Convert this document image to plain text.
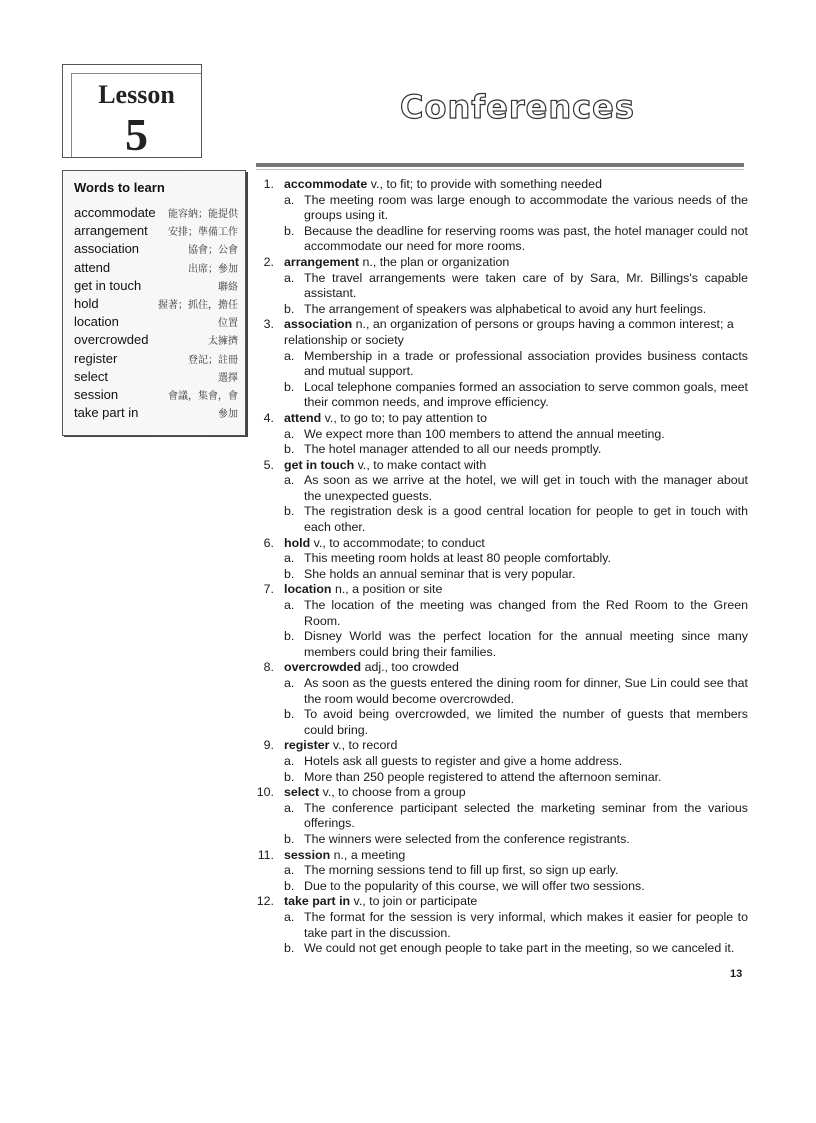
Lesson
5
Conferences
Words to learn
accommodate 能容納；能提供
arrangement 安排；準備工作
association	協會；公會
attend	出席；參加
get in touch	聯絡
hold	握著；抓住，擔任
location	位置
overcrowded	太擁擠
register	登記；註冊
select	選擇
session	會議，集會，會
take part in	參加
1. accommodate v., to fit; to provide with something needed
a. The meeting room was large enough to accommodate the various needs of the groups using it.
b. Because the deadline for reserving rooms was past, the hotel manager could not accommodate our need for more rooms.
2. arrangement n., the plan or organization
a. The travel arrangements were taken care of by Sara, Mr. Billings's capable assistant.
b. The arrangement of speakers was alphabetical to avoid any hurt feelings.
3. association n., an organization of persons or groups having a common interest; a relationship or society
a. Membership in a trade or professional association provides business contacts and mutual support.
b. Local telephone companies formed an association to serve common goals, meet their common needs, and improve efficiency.
4. attend v., to go to; to pay attention to
a. We expect more than 100 members to attend the annual meeting.
b. The hotel manager attended to all our needs promptly.
5. get in touch v., to make contact with
a. As soon as we arrive at the hotel, we will get in touch with the manager about the unexpected guests.
b. The registration desk is a good central location for people to get in touch with each other.
6. hold v., to accommodate; to conduct
a. This meeting room holds at least 80 people comfortably.
b. She holds an annual seminar that is very popular.
7. location n., a position or site
a. The location of the meeting was changed from the Red Room to the Green Room.
b. Disney World was the perfect location for the annual meeting since many members could bring their families.
8. overcrowded adj., too crowded
a. As soon as the guests entered the dining room for dinner, Sue Lin could see that the room would become overcrowded.
b. To avoid being overcrowded, we limited the number of guests that members could bring.
9. register v., to record
a. Hotels ask all guests to register and give a home address.
b. More than 250 people registered to attend the afternoon seminar.
10. select v., to choose from a group
a. The conference participant selected the marketing seminar from the various offerings.
b. The winners were selected from the conference registrants.
11. session n., a meeting
a. The morning sessions tend to fill up first, so sign up early.
b. Due to the popularity of this course, we will offer two sessions.
12. take part in v., to join or participate
a. The format for the session is very informal, which makes it easier for people to take part in the discussion.
b. We could not get enough people to take part in the meeting, so we canceled it.
13
